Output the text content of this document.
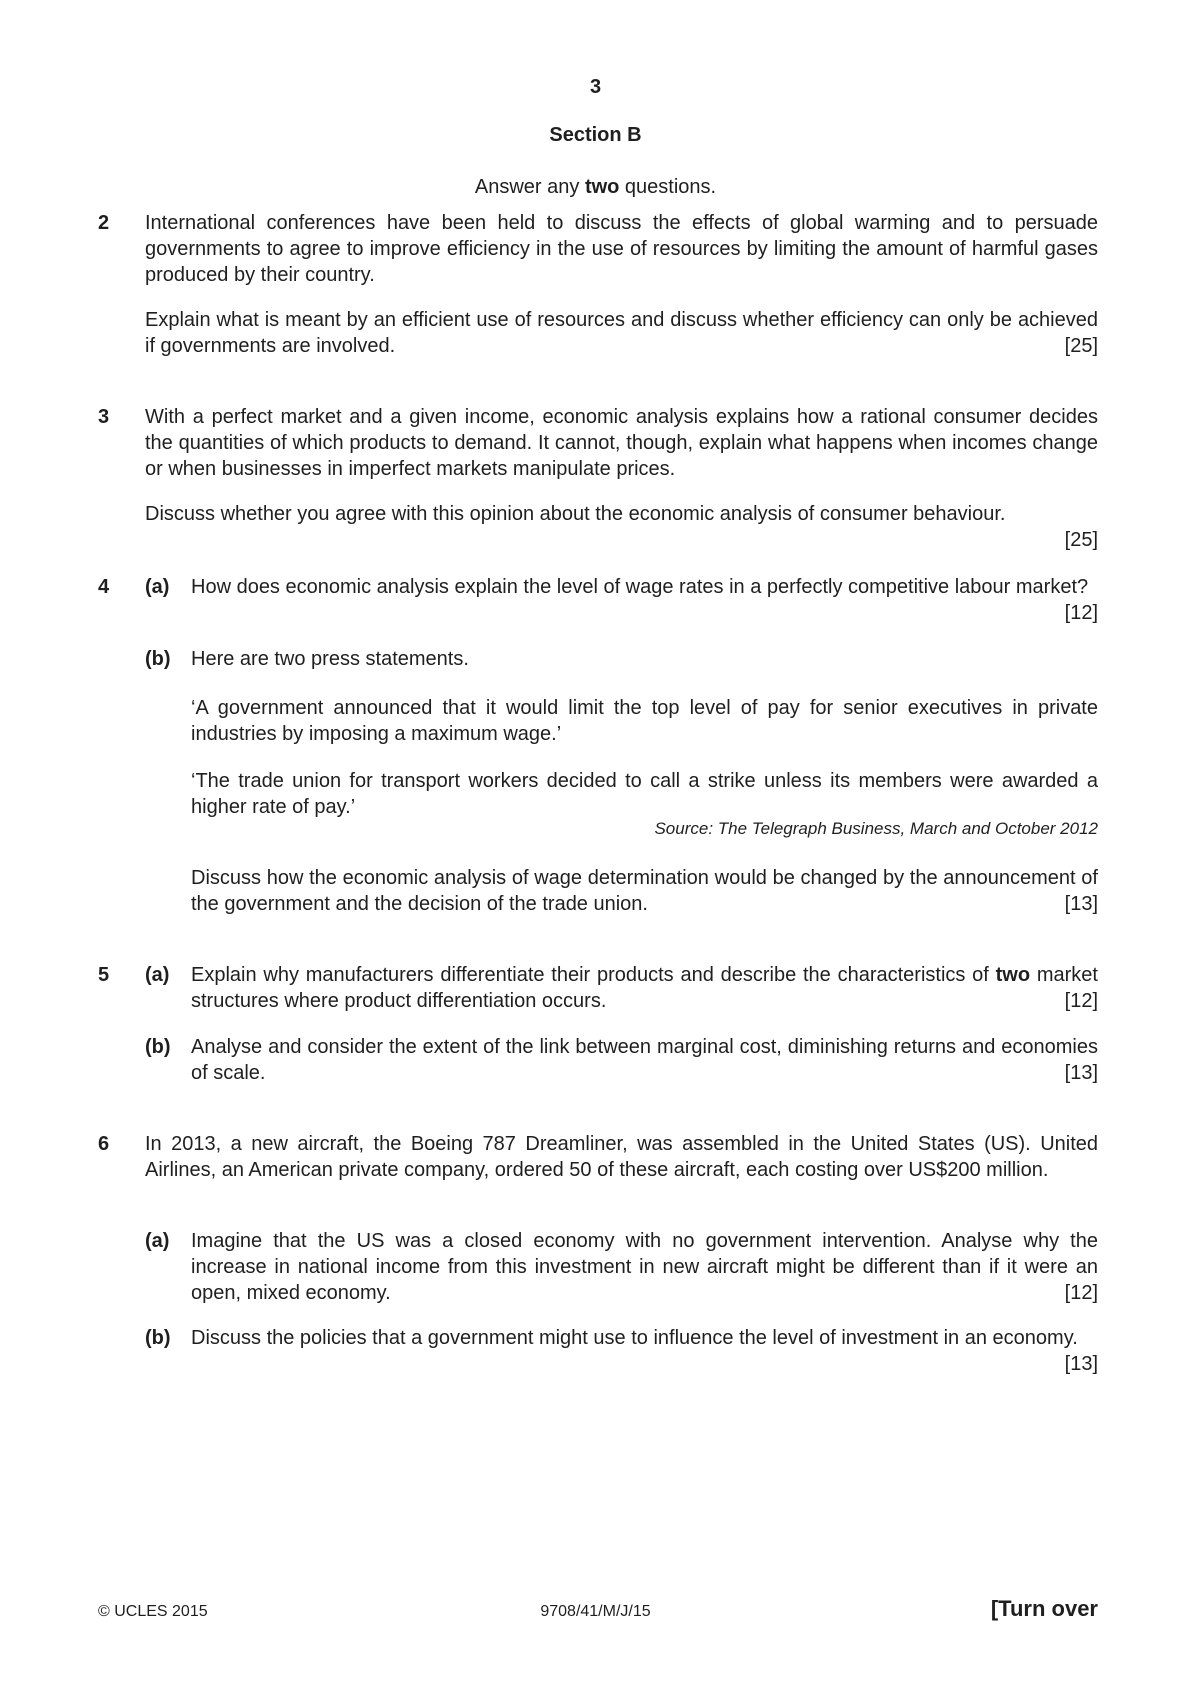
3
Section B
Answer any two questions.
2 International conferences have been held to discuss the effects of global warming and to persuade governments to agree to improve efficiency in the use of resources by limiting the amount of harmful gases produced by their country.
Explain what is meant by an efficient use of resources and discuss whether efficiency can only be achieved if governments are involved.	[25]
3 With a perfect market and a given income, economic analysis explains how a rational consumer decides the quantities of which products to demand. It cannot, though, explain what happens when incomes change or when businesses in imperfect markets manipulate prices.
Discuss whether you agree with this opinion about the economic analysis of consumer behaviour.
[25]
4 (a) How does economic analysis explain the level of wage rates in a perfectly competitive labour market?
[12]
(b) Here are two press statements.
‘A government announced that it would limit the top level of pay for senior executives in private industries by imposing a maximum wage.’
‘The trade union for transport workers decided to call a strike unless its members were awarded a higher rate of pay.’
Source: The Telegraph Business, March and October 2012
Discuss how the economic analysis of wage determination would be changed by the announcement of the government and the decision of the trade union.	[13]
5 (a) Explain why manufacturers differentiate their products and describe the characteristics of two market structures where product differentiation occurs.	[12]
(b) Analyse and consider the extent of the link between marginal cost, diminishing returns and economies of scale.	[13]
6 In 2013, a new aircraft, the Boeing 787 Dreamliner, was assembled in the United States (US). United Airlines, an American private company, ordered 50 of these aircraft, each costing over US$200 million.
(a) Imagine that the US was a closed economy with no government intervention. Analyse why the increase in national income from this investment in new aircraft might be different than if it were an open, mixed economy.	[12]
(b) Discuss the policies that a government might use to influence the level of investment in an economy.
[13]
© UCLES 2015	9708/41/M/J/15	[Turn over
